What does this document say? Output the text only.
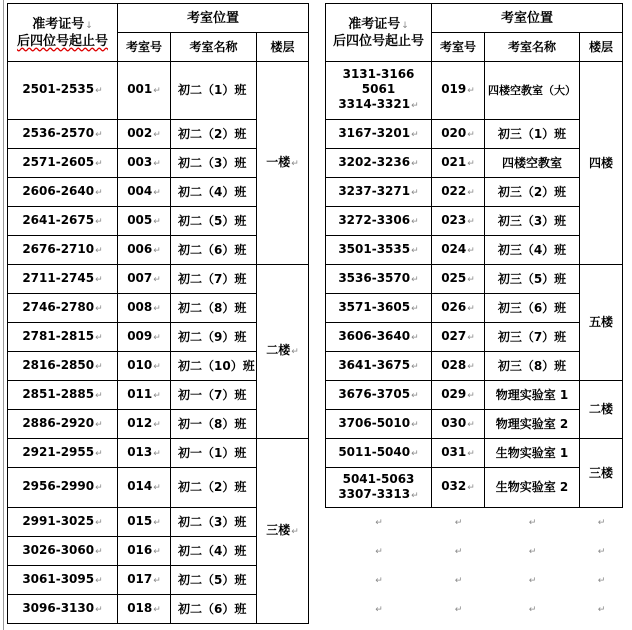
准考证号↓
后四位号起止号	考室位置		
	考室号	考室名称	楼层
2501-2535↵	001↵	初二（1）班	一楼↵
2536-2570↵	002↵	初二（2）班	
2571-2605↵	003↵	初二（3）班	
2606-2640↵	004↵	初二（4）班	
2641-2675↵	005↵	初二（5）班	
2676-2710↵	006↵	初二（6）班	
2711-2745↵	007↵	初二（7）班	二楼↵
2746-2780↵	008↵	初二（8）班	
2781-2815↵	009↵	初二（9）班	
2816-2850↵	010↵	初二（10）班	
2851-2885↵	011↵	初一（7）班	
2886-2920↵	012↵	初一（8）班	
2921-2955↵	013↵	初一（1）班	三楼↵
2956-2990↵	014↵	初二（2）班	
2991-3025↵	015↵	初二（3）班	
3026-3060↵	016↵	初二（4）班	
3061-3095↵	017↵	初二（5）班	
3096-3130↵	018↵	初二（6）班	
准考证号↓
后四位号起止号	考室位置		
	考室号	考室名称	楼层
3131-3166
5061
3314-3321↵	019↵	四楼空教室（大）	四楼
3167-3201↵	020↵	初三（1）班	
3202-3236↵	021↵	四楼空教室	
3237-3271↵	022↵	初三（2）班	
3272-3306↵	023↵	初三（3）班	
3501-3535↵	024↵	初三（4）班	
3536-3570↵	025↵	初三（5）班	五楼
3571-3605↵	026↵	初三（6）班	
3606-3640↵	027↵	初三（7）班	
3641-3675↵	028↵	初三（8）班	
3676-3705↵	029↵	物理实验室 1	二楼
3706-5010↵	030↵	物理实验室 2	
5011-5040↵	031↵	生物实验室 1	三楼
5041-5063
3307-3313↵	032↵	生物实验室 2	
↵	↵	↵	↵
↵	↵	↵	↵
↵	↵	↵	↵
↵	↵	↵	↵
